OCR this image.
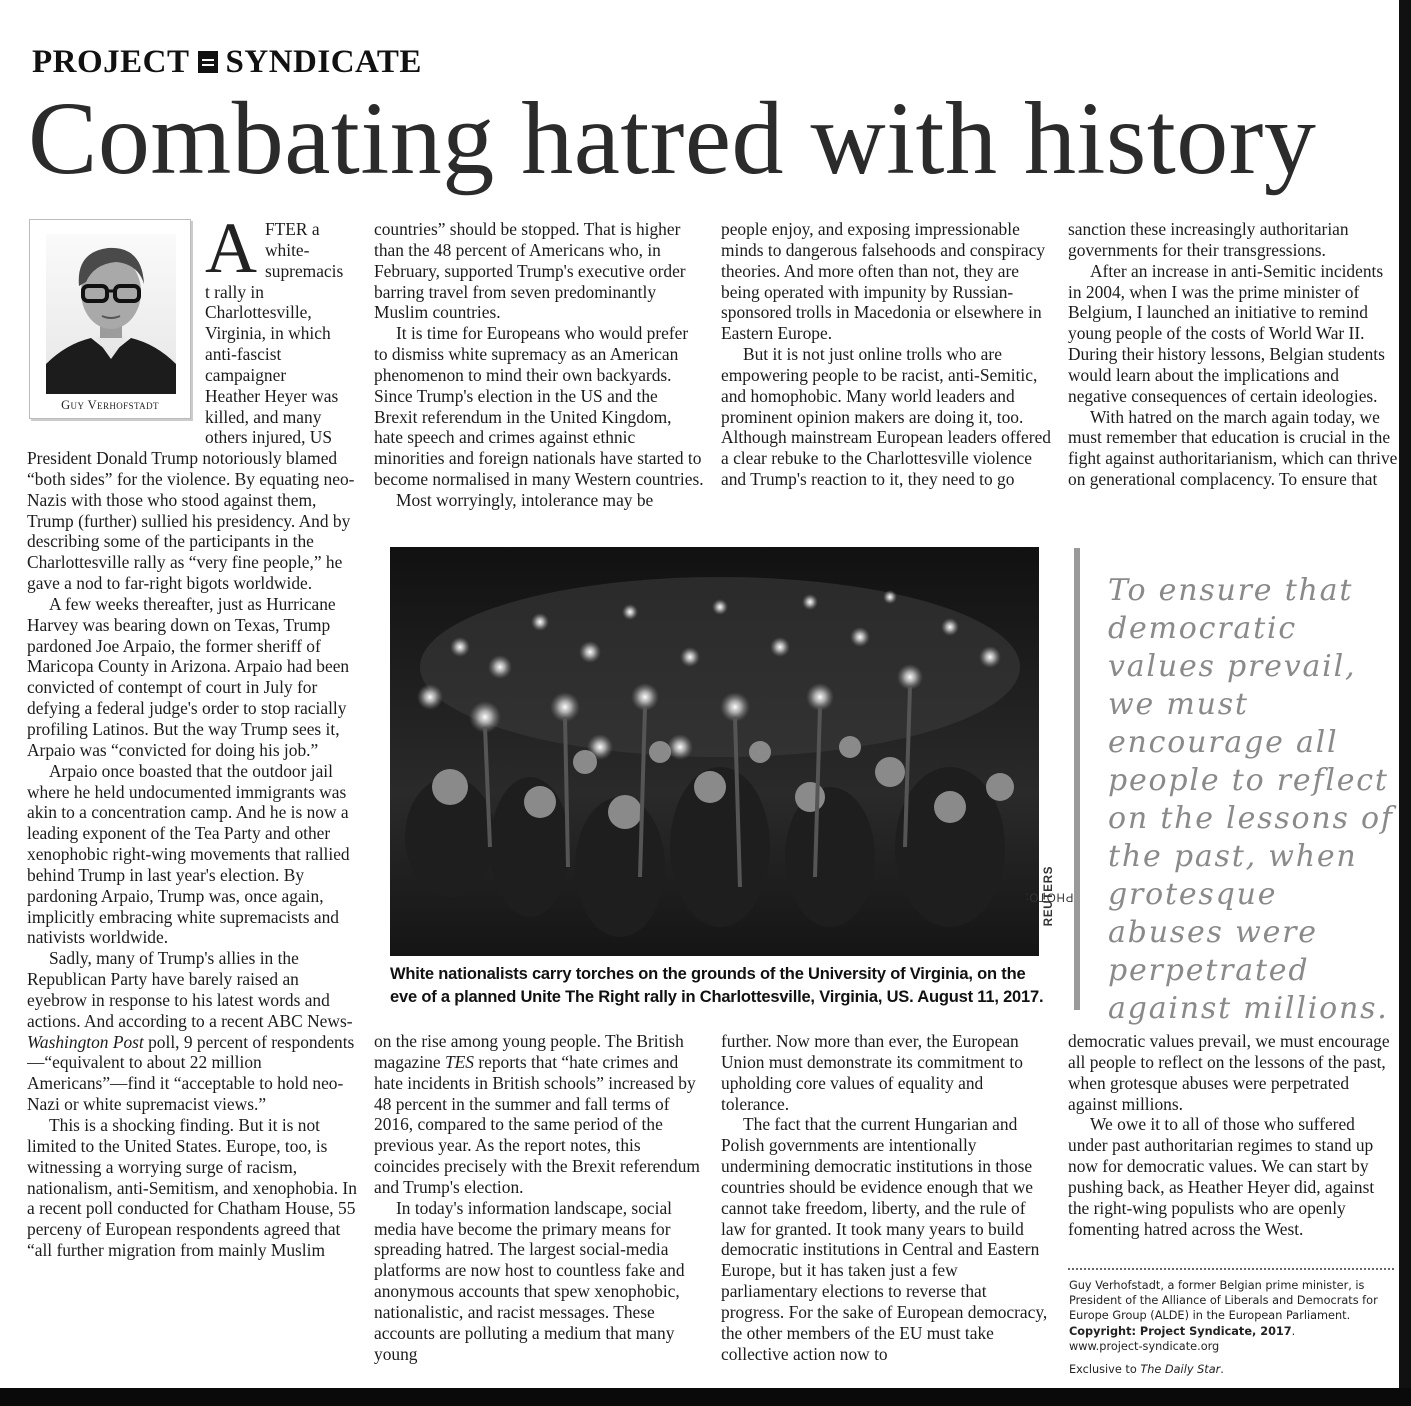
PROJECT SYNDICATE
Combating hatred with history
Guy Verhofstadt
A FTER a
white-
supremacis
t rally in
Charlottesville,
Virginia, in which
anti-fascist
campaigner
Heather Heyer was
killed, and many
others injured, US

President Donald Trump notoriously blamed “both sides” for the violence. By equating neo-Nazis with those who stood against them, Trump (further) sullied his presidency. And by describing some of the participants in the Charlottesville rally as “very fine people,” he gave a nod to far-right bigots worldwide.

A few weeks thereafter, just as Hurricane Harvey was bearing down on Texas, Trump pardoned Joe Arpaio, the former sheriff of Maricopa County in Arizona. Arpaio had been convicted of contempt of court in July for defying a federal judge's order to stop racially profiling Latinos. But the way Trump sees it, Arpaio was “convicted for doing his job.”

Arpaio once boasted that the outdoor jail where he held undocumented immigrants was akin to a concentration camp. And he is now a leading exponent of the Tea Party and other xenophobic right-wing movements that rallied behind Trump in last year's election. By pardoning Arpaio, Trump was, once again, implicitly embracing white supremacists and nativists worldwide.

Sadly, many of Trump's allies in the Republican Party have barely raised an eyebrow in response to his latest words and actions. And according to a recent ABC News-Washington Post poll, 9 percent of respondents—“equivalent to about 22 million Americans”—find it “acceptable to hold neo-Nazi or white supremacist views.”

This is a shocking finding. But it is not limited to the United States. Europe, too, is witnessing a worrying surge of racism, nationalism, anti-Semitism, and xenophobia. In a recent poll conducted for Chatham House, 55 perceny of European respondents agreed that “all further migration from mainly Muslim

countries” should be stopped. That is higher than the 48 percent of Americans who, in February, supported Trump's executive order barring travel from seven predominantly Muslim countries.

It is time for Europeans who would prefer to dismiss white supremacy as an American phenomenon to mind their own backyards. Since Trump's election in the US and the Brexit referendum in the United Kingdom, hate speech and crimes against ethnic minorities and foreign nationals have started to become normalised in many Western countries.

Most worryingly, intolerance may be

people enjoy, and exposing impressionable minds to dangerous falsehoods and conspiracy theories. And more often than not, they are being operated with impunity by Russian-sponsored trolls in Macedonia or elsewhere in Eastern Europe.

But it is not just online trolls who are empowering people to be racist, anti-Semitic, and homophobic. Many world leaders and prominent opinion makers are doing it, too. Although mainstream European leaders offered a clear rebuke to the Charlottesville violence and Trump's reaction to it, they need to go

sanction these increasingly authoritarian governments for their transgressions.

After an increase in anti-Semitic incidents in 2004, when I was the prime minister of Belgium, I launched an initiative to remind young people of the costs of World War II. During their history lessons, Belgian students would learn about the implications and negative consequences of certain ideologies.

With hatred on the march again today, we must remember that education is crucial in the fight against authoritarianism, which can thrive on generational complacency. To ensure that

PHOTO:
REUTERS
White nationalists carry torches on the grounds of the University of Virginia, on the eve of a planned Unite The Right rally in Charlottesville, Virginia, US. August 11, 2017.
To ensure that democratic values prevail, we must encourage all people to reflect on the lessons of the past, when grotesque abuses were perpetrated against millions.

on the rise among young people. The British magazine TES reports that “hate crimes and hate incidents in British schools” increased by 48 percent in the summer and fall terms of 2016, compared to the same period of the previous year. As the report notes, this coincides precisely with the Brexit referendum and Trump's election.

In today's information landscape, social media have become the primary means for spreading hatred. The largest social-media platforms are now host to countless fake and anonymous accounts that spew xenophobic, nationalistic, and racist messages. These accounts are polluting a medium that many young

further. Now more than ever, the European Union must demonstrate its commitment to upholding core values of equality and tolerance.

The fact that the current Hungarian and Polish governments are intentionally undermining democratic institutions in those countries should be evidence enough that we cannot take freedom, liberty, and the rule of law for granted. It took many years to build democratic institutions in Central and Eastern Europe, but it has taken just a few parliamentary elections to reverse that progress. For the sake of European democracy, the other members of the EU must take collective action now to

democratic values prevail, we must encourage all people to reflect on the lessons of the past, when grotesque abuses were perpetrated against millions.

We owe it to all of those who suffered under past authoritarian regimes to stand up now for democratic values. We can start by pushing back, as Heather Heyer did, against the right-wing populists who are openly fomenting hatred across the West.

Guy Verhofstadt, a former Belgian prime minister, is President of the Alliance of Liberals and Democrats for Europe Group (ALDE) in the European Parliament.

Copyright: Project Syndicate, 2017.

www.project-syndicate.org

Exclusive to The Daily Star.
